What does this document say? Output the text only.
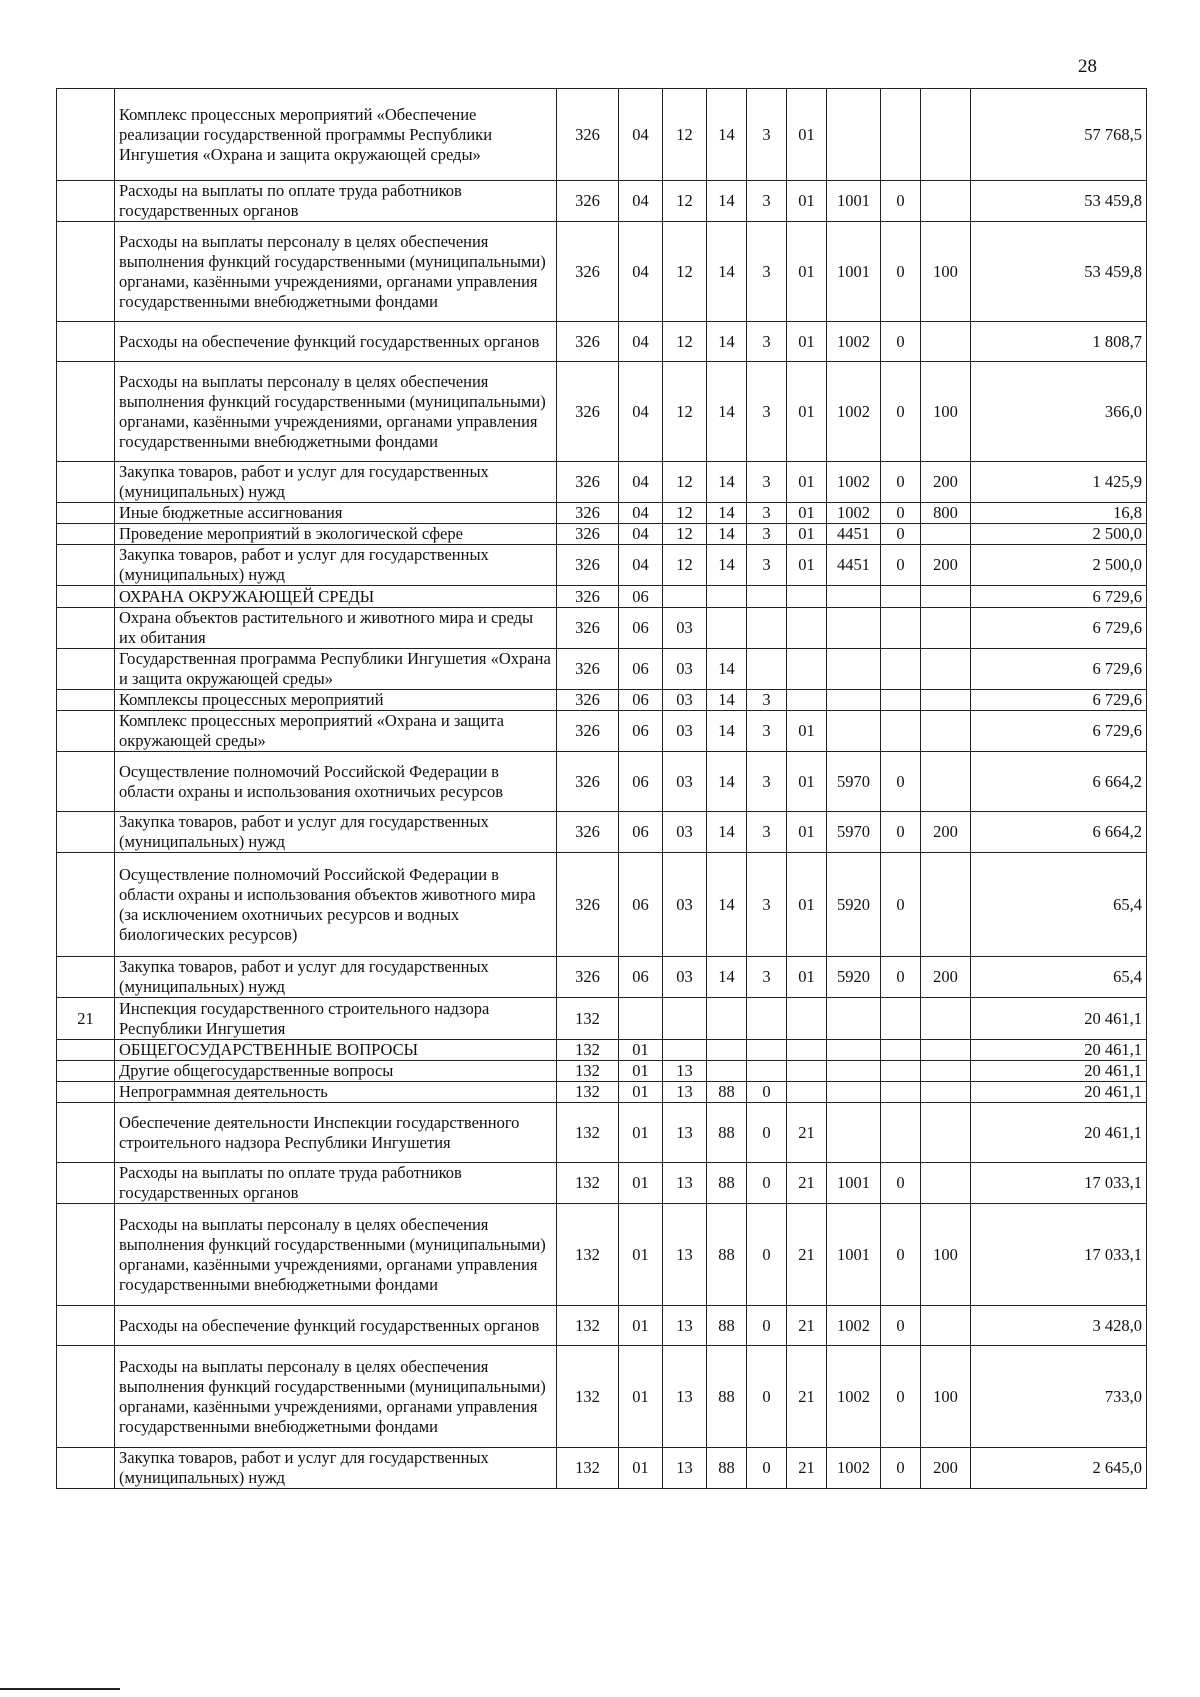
28
	Комплекс процессных мероприятий «Обеспечение реализации государственной программы Республики Ингушетия «Охрана и защита окружающей среды»	326	04	12	14	3	01				57 768,5
	Расходы на выплаты по оплате труда работников государственных органов	326	04	12	14	3	01	1001	0		53 459,8
	Расходы на выплаты персоналу в целях обеспечения выполнения функций государственными (муниципальными) органами, казёнными учреждениями, органами управления государственными внебюджетными фондами	326	04	12	14	3	01	1001	0	100	53 459,8
	Расходы на обеспечение функций государственных органов	326	04	12	14	3	01	1002	0		1 808,7
	Расходы на выплаты персоналу в целях обеспечения выполнения функций государственными (муниципальными) органами, казёнными учреждениями, органами управления государственными внебюджетными фондами	326	04	12	14	3	01	1002	0	100	366,0
	Закупка товаров, работ и услуг для государственных (муниципальных) нужд	326	04	12	14	3	01	1002	0	200	1 425,9
	Иные бюджетные ассигнования	326	04	12	14	3	01	1002	0	800	16,8
	Проведение мероприятий в экологической сфере	326	04	12	14	3	01	4451	0		2 500,0
	Закупка товаров, работ и услуг для государственных (муниципальных) нужд	326	04	12	14	3	01	4451	0	200	2 500,0
	ОХРАНА ОКРУЖАЮЩЕЙ СРЕДЫ	326	06								6 729,6
	Охрана объектов растительного и животного мира и среды их обитания	326	06	03							6 729,6
	Государственная программа Республики Ингушетия «Охрана и защита окружающей среды»	326	06	03	14						6 729,6
	Комплексы процессных мероприятий	326	06	03	14	3					6 729,6
	Комплекс процессных мероприятий «Охрана и защита окружающей среды»	326	06	03	14	3	01				6 729,6
	Осуществление полномочий Российской Федерации в области охраны и использования охотничьих ресурсов	326	06	03	14	3	01	5970	0		6 664,2
	Закупка товаров, работ и услуг для государственных (муниципальных) нужд	326	06	03	14	3	01	5970	0	200	6 664,2
	Осуществление полномочий Российской Федерации в области охраны и использования объектов животного мира (за исключением охотничьих ресурсов и водных биологических ресурсов)	326	06	03	14	3	01	5920	0		65,4
	Закупка товаров, работ и услуг для государственных (муниципальных) нужд	326	06	03	14	3	01	5920	0	200	65,4
21	Инспекция государственного строительного надзора Республики Ингушетия	132									20 461,1
	ОБЩЕГОСУДАРСТВЕННЫЕ ВОПРОСЫ	132	01								20 461,1
	Другие общегосударственные вопросы	132	01	13							20 461,1
	Непрограммная деятельность	132	01	13	88	0					20 461,1
	Обеспечение деятельности Инспекции государственного строительного надзора Республики Ингушетия	132	01	13	88	0	21				20 461,1
	Расходы на выплаты по оплате труда работников государственных органов	132	01	13	88	0	21	1001	0		17 033,1
	Расходы на выплаты персоналу в целях обеспечения выполнения функций государственными (муниципальными) органами, казёнными учреждениями, органами управления государственными внебюджетными фондами	132	01	13	88	0	21	1001	0	100	17 033,1
	Расходы на обеспечение функций государственных органов	132	01	13	88	0	21	1002	0		3 428,0
	Расходы на выплаты персоналу в целях обеспечения выполнения функций государственными (муниципальными) органами, казёнными учреждениями, органами управления государственными внебюджетными фондами	132	01	13	88	0	21	1002	0	100	733,0
	Закупка товаров, работ и услуг для государственных (муниципальных) нужд	132	01	13	88	0	21	1002	0	200	2 645,0
